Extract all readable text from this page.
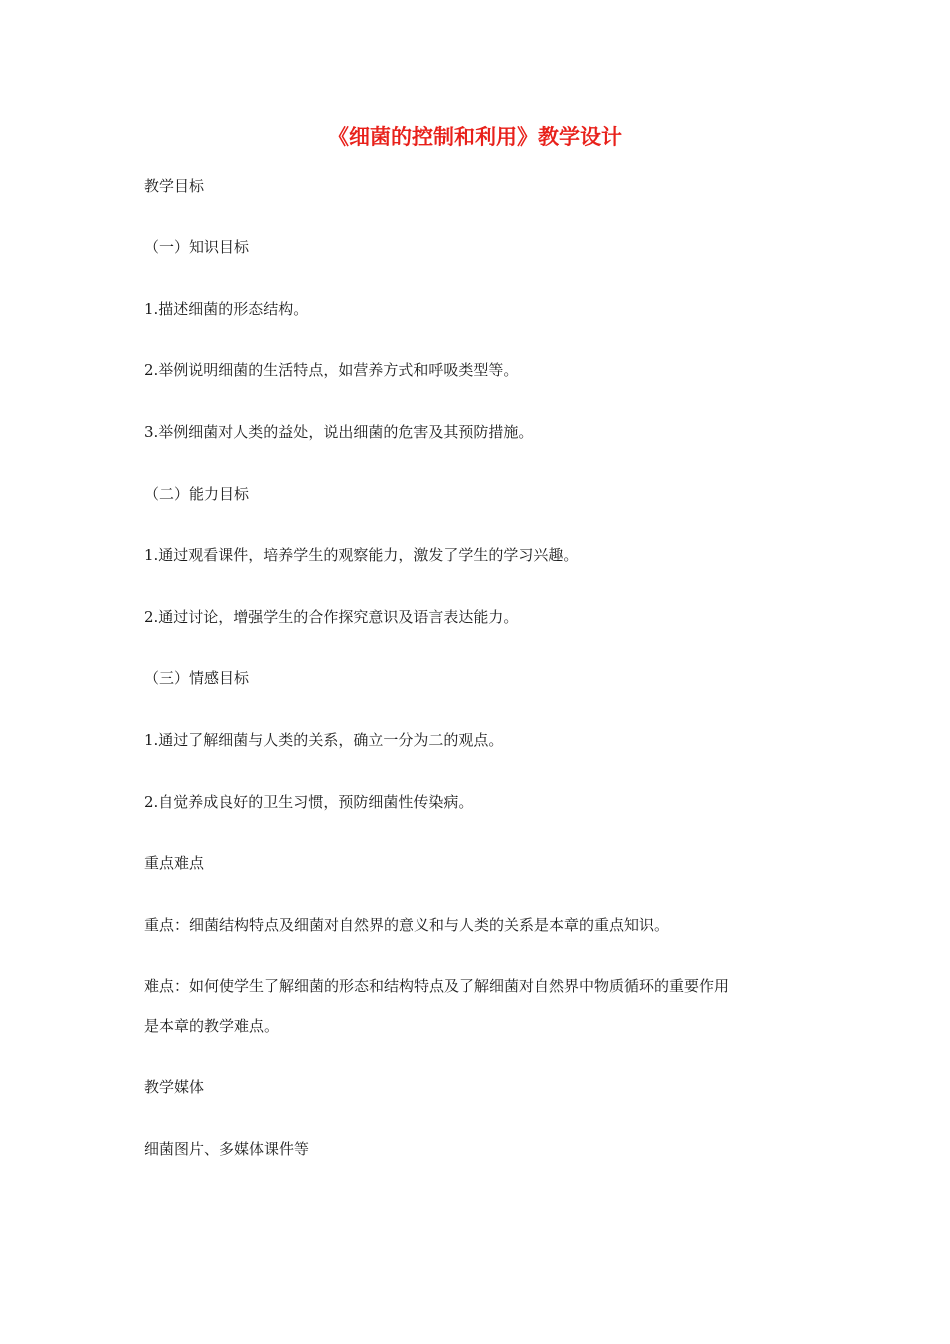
《细菌的控制和利用》教学设计
教学目标
（一）知识目标
1.描述细菌的形态结构。
2.举例说明细菌的生活特点，如营养方式和呼吸类型等。
3.举例细菌对人类的益处，说出细菌的危害及其预防措施。
（二）能力目标
1.通过观看课件，培养学生的观察能力，激发了学生的学习兴趣。
2.通过讨论，增强学生的合作探究意识及语言表达能力。
（三）情感目标
1.通过了解细菌与人类的关系，确立一分为二的观点。
2.自觉养成良好的卫生习惯，预防细菌性传染病。
重点难点
重点：细菌结构特点及细菌对自然界的意义和与人类的关系是本章的重点知识。
难点：如何使学生了解细菌的形态和结构特点及了解细菌对自然界中物质循环的重要作用
是本章的教学难点。
教学媒体
细菌图片、多媒体课件等
